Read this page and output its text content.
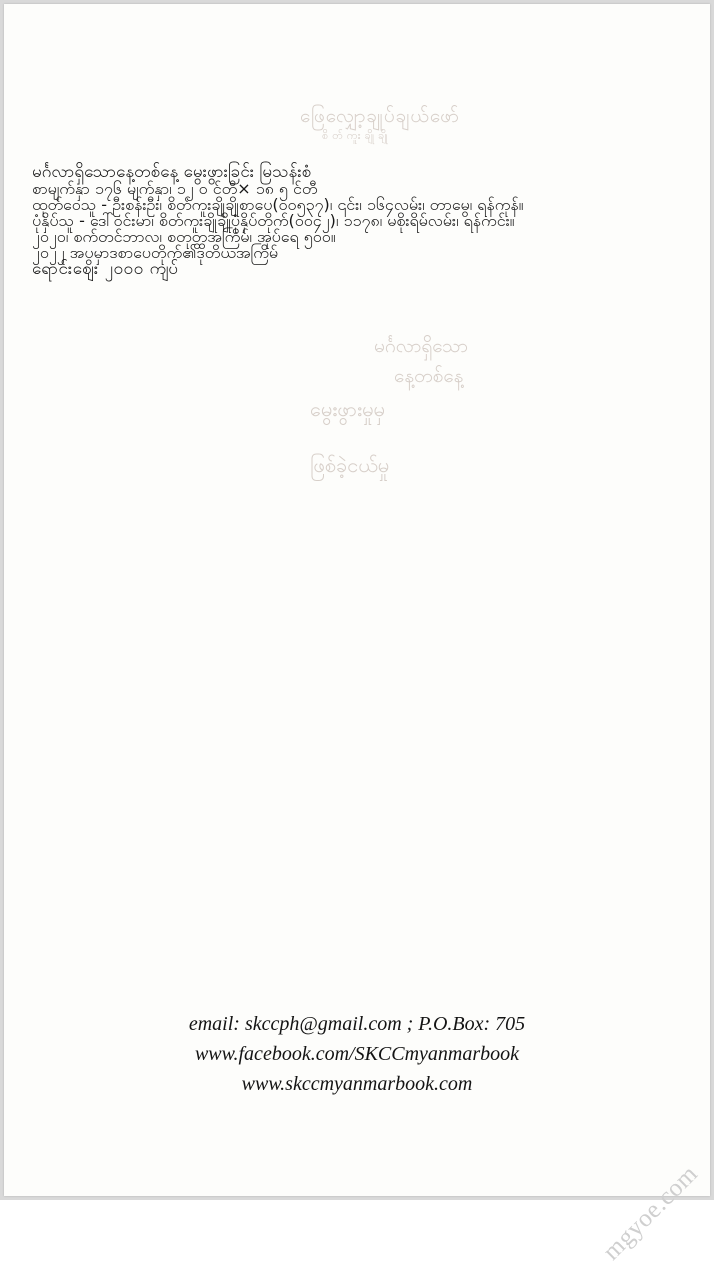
ဖြေလျှော့ချုပ်ချယ်ဖော်
စိတ်ကူးချိုချို
မင်္ဂလာရှိသော
နေ့တစ်နေ့
မွေးဖွားမှုမှ
ဖြစ်ခဲ့ငယ်မှု

မင်္ဂလာရှိသောနေ့တစ်နေ့ မွေးဖွားခြင်း မြသန်းစံ

စာမျက်နှာ ၁၇၆ မျက်နှာ၊ ၁၂ ၀ င်တီ× ၁၈ ၅ င်တီ

ထုတ်ဝေသူ - ဦးစန်းဦး၊ စိတ်ကူးချိုချိုစာပေ(၀၀၅၃၇)၊ ၎င်း၊ ၁၆၄လမ်း၊ တာမွေ၊ ရန်ကုန်။

ပုံနှိပ်သူ - ဒေါ်ဝင်းမာ၊ စိတ်ကူးချိုချိုပုံနှိပ်တိုက်(၀၀၄၂)၊ ၁၁၇၈၊ မစိုးရိမ်လမ်း၊ ရန်ကင်း။

၂၀၂၀၊ စက်တင်ဘာလ၊ စတုတ္ထအကြိမ်၊ အုပ်ရေ ၅၀၀။

၂၀၂၂ အပွမှာဒစာပေတိုက်၏ဒုတိယအကြိမ်

ရောင်းဈေး ၂၀၀၀ ကျပ်

email: skccph@gmail.com ; P.O.Box: 705
www.facebook.com/SKCCmyanmarbook
www.skccmyanmarbook.com
mgyoe.com
